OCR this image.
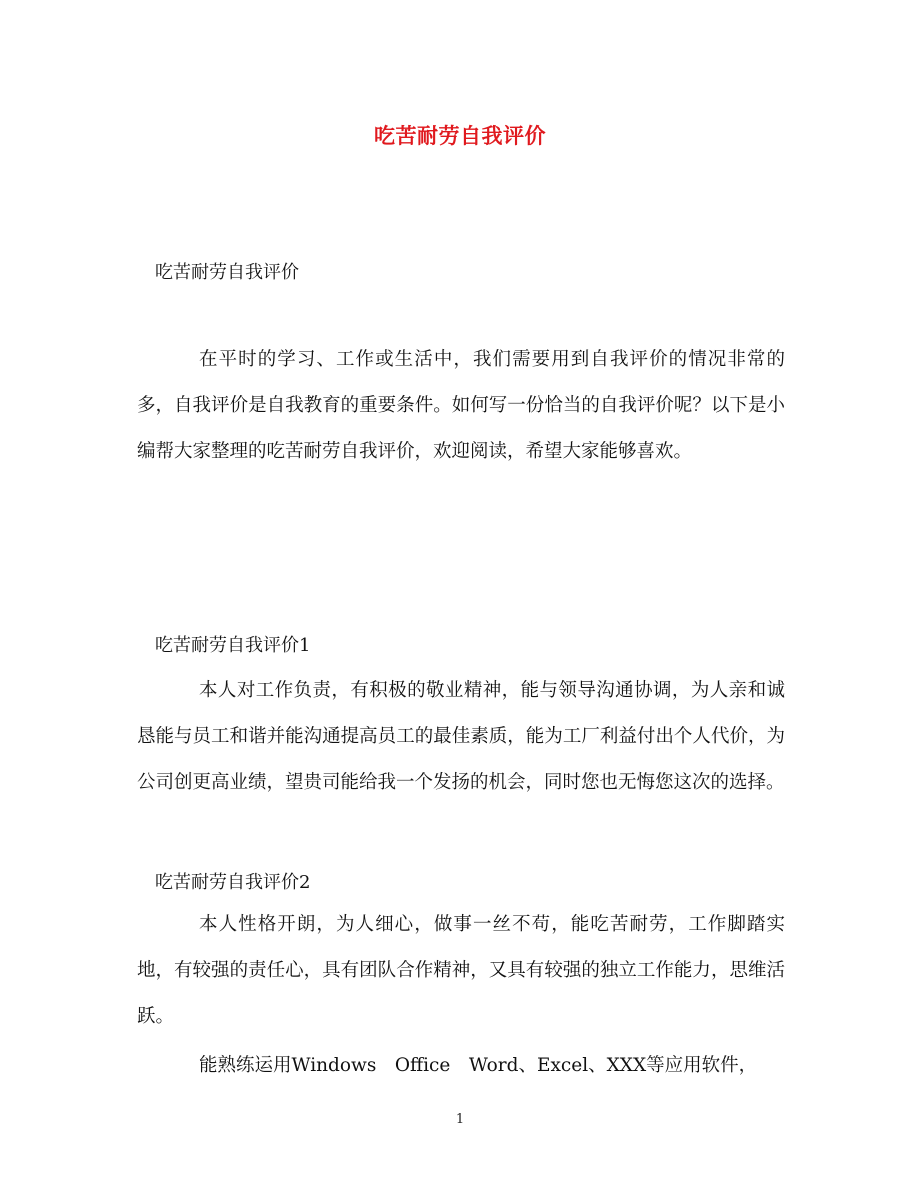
吃苦耐劳自我评价
吃苦耐劳自我评价
在平时的学习、工作或生活中，我们需要用到自我评价的情况非常的多，自我评价是自我教育的重要条件。如何写一份恰当的自我评价呢？以下是小编帮大家整理的吃苦耐劳自我评价，欢迎阅读，希望大家能够喜欢。
吃苦耐劳自我评价1
本人对工作负责，有积极的敬业精神，能与领导沟通协调，为人亲和诚恳能与员工和谐并能沟通提高员工的最佳素质，能为工厂利益付出个人代价，为公司创更高业绩，望贵司能给我一个发扬的机会，同时您也无悔您这次的选择。
吃苦耐劳自我评价2
本人性格开朗，为人细心，做事一丝不苟，能吃苦耐劳，工作脚踏实地，有较强的责任心，具有团队合作精神，又具有较强的独立工作能力，思维活跃。
能熟练运用Windows　Office　Word、Excel、XXX等应用软件，
1
